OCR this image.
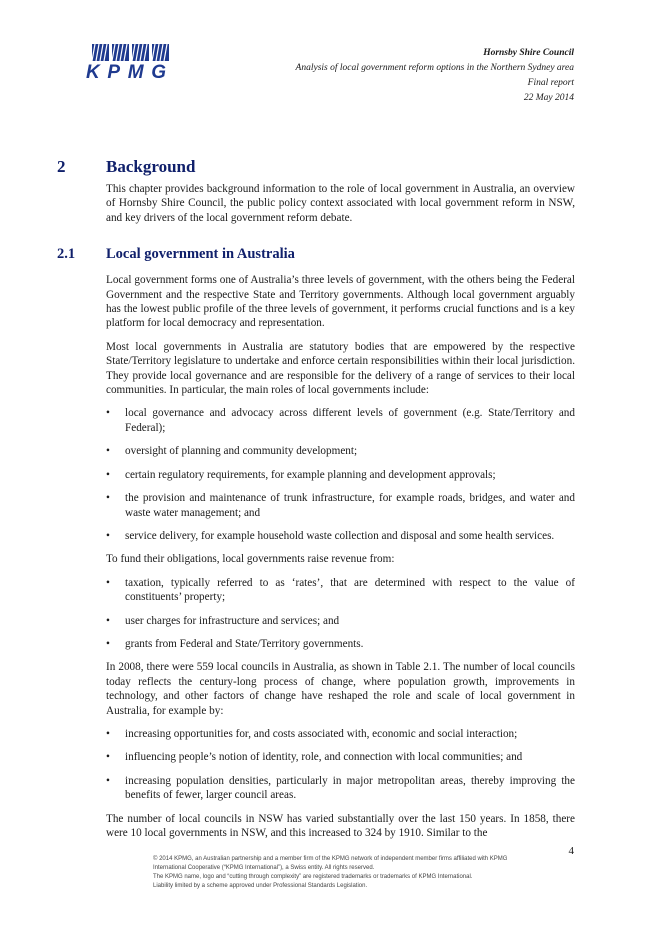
KPMG
Hornsby Shire Council
Analysis of local government reform options in the Northern Sydney area
Final report
22 May 2014
2 Background
2.1 Local government in Australia

This chapter provides background information to the role of local government in Australia, an overview of Hornsby Shire Council, the public policy context associated with local government reform in NSW, and key drivers of the local government reform debate.

Local government forms one of Australia’s three levels of government, with the others being the Federal Government and the respective State and Territory governments. Although local government arguably has the lowest public profile of the three levels of government, it performs crucial functions and is a key platform for local democracy and representation.

Most local governments in Australia are statutory bodies that are empowered by the respective State/Territory legislature to undertake and enforce certain responsibilities within their local jurisdiction. They provide local governance and are responsible for the delivery of a range of services to their local communities. In particular, the main roles of local governments include:

• local governance and advocacy across different levels of government (e.g. State/Territory and Federal);
• oversight of planning and community development;
• certain regulatory requirements, for example planning and development approvals;
• the provision and maintenance of trunk infrastructure, for example roads, bridges, and water and waste water management; and
• service delivery, for example household waste collection and disposal and some health services.

To fund their obligations, local governments raise revenue from:

• taxation, typically referred to as ‘rates’, that are determined with respect to the value of constituents’ property;
• user charges for infrastructure and services; and
• grants from Federal and State/Territory governments.

In 2008, there were 559 local councils in Australia, as shown in Table 2.1. The number of local councils today reflects the century-long process of change, where population growth, improvements in technology, and other factors of change have reshaped the role and scale of local government in Australia, for example by:

• increasing opportunities for, and costs associated with, economic and social interaction;
• influencing people’s notion of identity, role, and connection with local communities; and
• increasing population densities, particularly in major metropolitan areas, thereby improving the benefits of fewer, larger council areas.

The number of local councils in NSW has varied substantially over the last 150 years. In 1858, there were 10 local governments in NSW, and this increased to 324 by 1910. Similar to the

4
© 2014 KPMG, an Australian partnership and a member firm of the KPMG network of independent member firms affiliated with KPMG International Cooperative (“KPMG International”), a Swiss entity. All rights reserved.
The KPMG name, logo and “cutting through complexity” are registered trademarks or trademarks of KPMG International.
Liability limited by a scheme approved under Professional Standards Legislation.
